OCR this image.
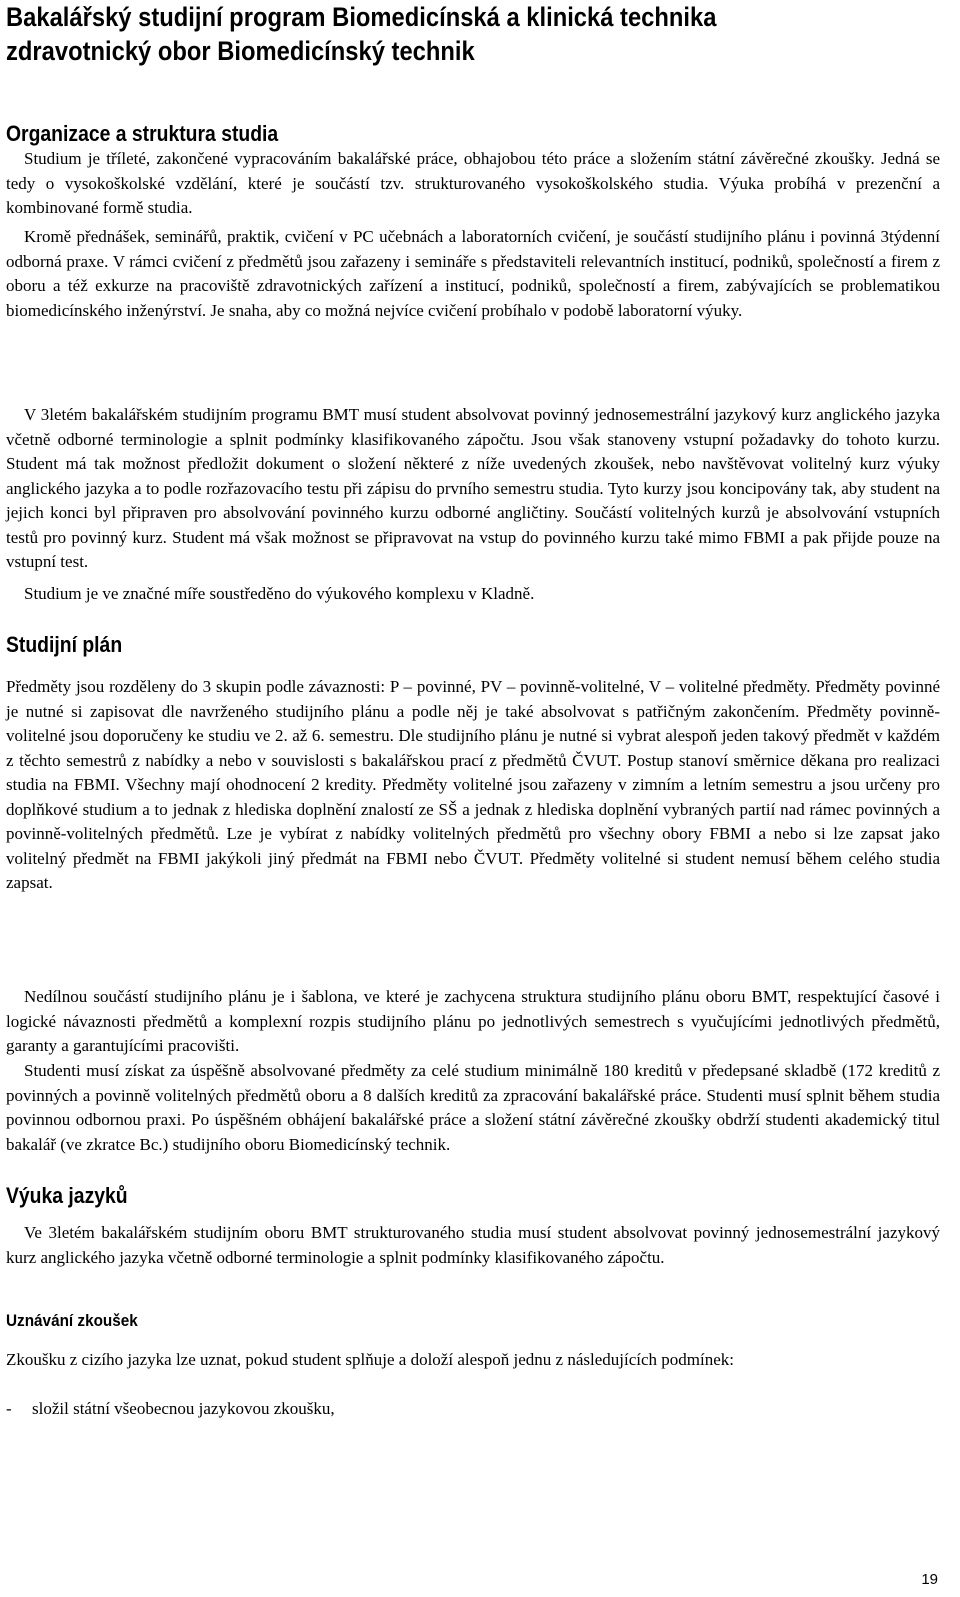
Bakalářský studijní program Biomedicínská a klinická technika
zdravotnický obor Biomedicínský technik
Organizace a struktura studia

Studium je tříleté, zakončené vypracováním bakalářské práce, obhajobou této práce a složením státní závěrečné zkoušky. Jedná se tedy o vysokoškolské vzdělání, které je součástí tzv. strukturovaného vysokoškolského studia. Výuka probíhá v prezenční a kombinované formě studia.

Kromě přednášek, seminářů, praktik, cvičení v PC učebnách a laboratorních cvičení, je součástí studijního plánu i povinná 3týdenní odborná praxe. V rámci cvičení z předmětů jsou zařazeny i semináře s představiteli relevantních institucí, podniků, společností a firem z oboru a též exkurze na pracoviště zdravotnických zařízení a institucí, podniků, společností a firem, zabývajících se problematikou biomedicínského inženýrství. Je snaha, aby co možná nejvíce cvičení probíhalo v podobě laboratorní výuky.

V 3letém bakalářském studijním programu BMT musí student absolvovat povinný jednosemestrální jazykový kurz anglického jazyka včetně odborné terminologie a splnit podmínky klasifikovaného zápočtu. Jsou však stanoveny vstupní požadavky do tohoto kurzu. Student má tak možnost předložit dokument o složení některé z níže uvedených zkoušek, nebo navštěvovat volitelný kurz výuky anglického jazyka a to podle rozřazovacího testu při zápisu do prvního semestru studia. Tyto kurzy jsou koncipovány tak, aby student na jejich konci byl připraven pro absolvování povinného kurzu odborné angličtiny. Součástí volitelných kurzů je absolvování vstupních testů pro povinný kurz. Student má však možnost se připravovat na vstup do povinného kurzu také mimo FBMI a pak přijde pouze na vstupní test.

Studium je ve značné míře soustředěno do výukového komplexu v Kladně.

Studijní plán

Předměty jsou rozděleny do 3 skupin podle závaznosti: P – povinné, PV – povinně-volitelné, V – volitelné předměty. Předměty povinné je nutné si zapisovat dle navrženého studijního plánu a podle něj je také absolvovat s patřičným zakončením. Předměty povinně-volitelné jsou doporučeny ke studiu ve 2. až 6. semestru. Dle studijního plánu je nutné si vybrat alespoň jeden takový předmět v každém z těchto semestrů z nabídky a nebo v souvislosti s bakalářskou prací z předmětů ČVUT. Postup stanoví směrnice děkana pro realizaci studia na FBMI. Všechny mají ohodnocení 2 kredity. Předměty volitelné jsou zařazeny v zimním a letním semestru a jsou určeny pro doplňkové studium a to jednak z hlediska doplnění znalostí ze SŠ a jednak z hlediska doplnění vybraných partií nad rámec povinných a povinně-volitelných předmětů. Lze je vybírat z nabídky volitelných předmětů pro všechny obory FBMI a nebo si lze zapsat jako volitelný předmět na FBMI jakýkoli jiný předmát na FBMI nebo ČVUT. Předměty volitelné si student nemusí během celého studia zapsat.

Nedílnou součástí studijního plánu je i šablona, ve které je zachycena struktura studijního plánu oboru BMT, respektující časové i logické návaznosti předmětů a komplexní rozpis studijního plánu po jednotlivých semestrech s vyučujícími jednotlivých předmětů, garanty a garantujícími pracovišti.

Studenti musí získat za úspěšně absolvované předměty za celé studium minimálně 180 kreditů v předepsané skladbě (172 kreditů z povinných a povinně volitelných předmětů oboru a 8 dalších kreditů za zpracování bakalářské práce. Studenti musí splnit během studia povinnou odbornou praxi. Po úspěšném obhájení bakalářské práce a složení státní závěrečné zkoušky obdrží studenti akademický titul bakalář (ve zkratce Bc.) studijního oboru Biomedicínský technik.

Výuka jazyků

Ve 3letém bakalářském studijním oboru BMT strukturovaného studia musí student absolvovat povinný jednosemestrální jazykový kurz anglického jazyka včetně odborné terminologie a splnit podmínky klasifikovaného zápočtu.

Uznávání zkoušek

Zkoušku z cizího jazyka lze uznat, pokud student splňuje a doloží alespoň jednu z následujících podmínek:

- složil státní všeobecnou jazykovou zkoušku,

19
